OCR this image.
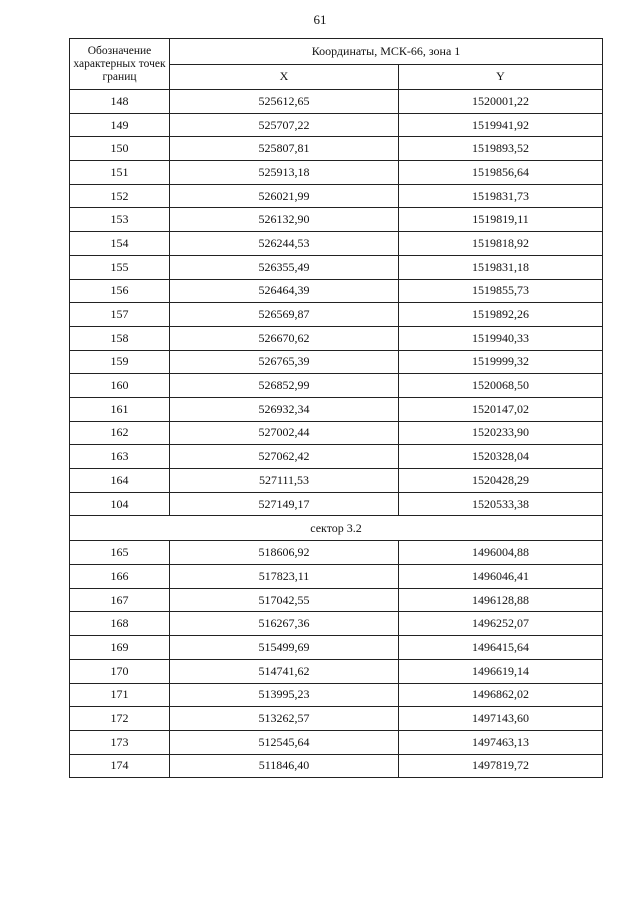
61
Обозначение характерных точек границ	Координаты, МСК-66, зона 1	
	X	Y
148	525612,65	1520001,22
149	525707,22	1519941,92
150	525807,81	1519893,52
151	525913,18	1519856,64
152	526021,99	1519831,73
153	526132,90	1519819,11
154	526244,53	1519818,92
155	526355,49	1519831,18
156	526464,39	1519855,73
157	526569,87	1519892,26
158	526670,62	1519940,33
159	526765,39	1519999,32
160	526852,99	1520068,50
161	526932,34	1520147,02
162	527002,44	1520233,90
163	527062,42	1520328,04
164	527111,53	1520428,29
104	527149,17	1520533,38
сектор 3.2		
165	518606,92	1496004,88
166	517823,11	1496046,41
167	517042,55	1496128,88
168	516267,36	1496252,07
169	515499,69	1496415,64
170	514741,62	1496619,14
171	513995,23	1496862,02
172	513262,57	1497143,60
173	512545,64	1497463,13
174	511846,40	1497819,72
